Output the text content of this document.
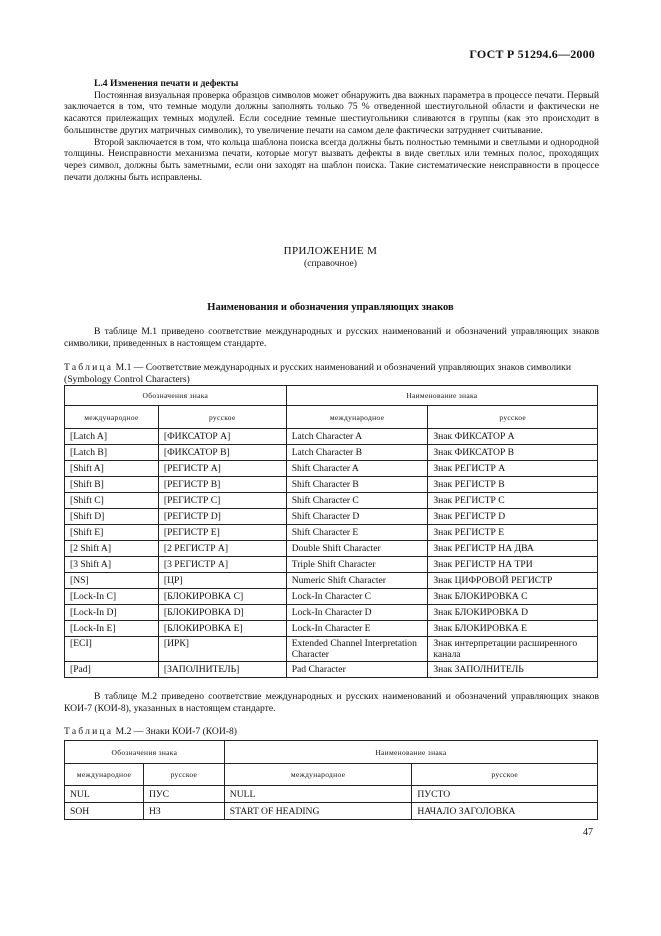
ГОСТ Р 51294.6—2000
L.4 Изменения печати и дефекты

Постоянная визуальная проверка образцов символов может обнаружить два важных параметра в процессе печати. Первый заключается в том, что темные модули должны заполнять только 75 % отведенной шестиугольной области и фактически не касаются прилежащих темных модулей. Если соседние темные шестиугольники сливаются в группы (как это происходит в большинстве других матричных символик), то увеличение печати на самом деле фактически затрудняет считывание.

Второй заключается в том, что кольца шаблона поиска всегда должны быть полностью темными и светлыми и однородной толщины. Неисправности механизма печати, которые могут вызвать дефекты в виде светлых или темных полос, проходящих через символ, должны быть заметными, если они заходят на шаблон поиска. Такие систематические неисправности в процессе печати должны быть исправлены.

ПРИЛОЖЕНИЕ М
(справочное)
Наименования и обозначения управляющих знаков

В таблице М.1 приведено соответствие международных и русских наименований и обозначений управляющих знаков символики, приведенных в настоящем стандарте.

Таблица М.1 — Соответствие международных и русских наименований и обозначений управляющих знаков символики (Symbology Control Characters)
Обозначения знака		Наименование знака	
международное	русское	международное	русское
[Latch A]	[ФИКСАТОР А]	Latch Character A	Знак ФИКСАТОР А
[Latch B]	[ФИКСАТОР В]	Latch Character B	Знак ФИКСАТОР В
[Shift A]	[РЕГИСТР А]	Shift Character A	Знак РЕГИСТР А
[Shift B]	[РЕГИСТР В]	Shift Character B	Знак РЕГИСТР В
[Shift C]	[РЕГИСТР С]	Shift Character C	Знак РЕГИСТР С
[Shift D]	[РЕГИСТР D]	Shift Character D	Знак РЕГИСТР D
[Shift E]	[РЕГИСТР Е]	Shift Character E	Знак РЕГИСТР Е
[2 Shift A]	[2 РЕГИСТР А]	Double Shift Character	Знак РЕГИСТР НА ДВА
[3 Shift A]	[3 РЕГИСТР А]	Triple Shift Character	Знак РЕГИСТР НА ТРИ
[NS]	[ЦР]	Numeric Shift Character	Знак ЦИФРОВОЙ РЕГИСТР
[Lock-In C]	[БЛОКИРОВКА С]	Lock-In Character C	Знак БЛОКИРОВКА С
[Lock-In D]	[БЛОКИРОВКА D]	Lock-In Character D	Знак БЛОКИРОВКА D
[Lock-In E]	[БЛОКИРОВКА Е]	Lock-In Character E	Знак БЛОКИРОВКА Е
[ECI]	[ИРК]	Extended Channel Interpretation Character	Знак интерпретации расширенного канала
[Pad]	[ЗАПОЛНИТЕЛЬ]	Pad Character	Знак ЗАПОЛНИТЕЛЬ

В таблице М.2 приведено соответствие международных и русских наименований и обозначений управляющих знаков КОИ-7 (КОИ-8), указанных в настоящем стандарте.

Таблица М.2 — Знаки КОИ-7 (КОИ-8)
Обозначения знака		Наименование знака	
международное	русское	международное	русское
NUL	ПУС	NULL	ПУСТО
SOH	НЗ	START OF HEADING	НАЧАЛО ЗАГОЛОВКА
47
